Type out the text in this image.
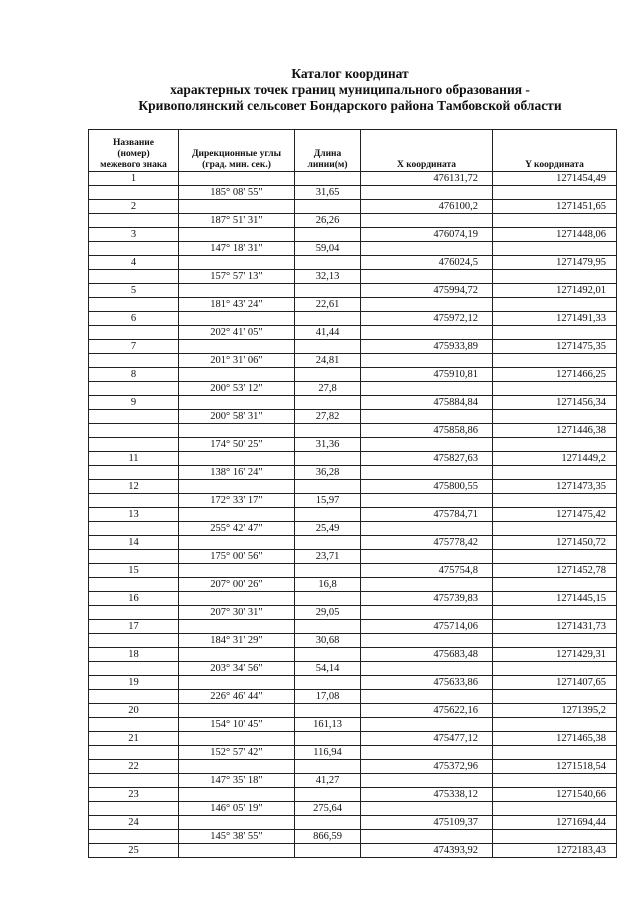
Каталог координат
характерных точек границ муниципального образования -
Кривополянский сельсовет Бондарского района Тамбовской области
Название
(номер)
межевого знака	Дирекционные углы
(град. мин. сек.)	Длина
линии(м)	X координата	Y координата
1			476131,72	1271454,49
	185° 08' 55"	31,65		
2			476100,2	1271451,65
	187° 51' 31"	26,26		
3			476074,19	1271448,06
	147° 18' 31"	59,04		
4			476024,5	1271479,95
	157° 57' 13"	32,13		
5			475994,72	1271492,01
	181° 43' 24"	22,61		
6			475972,12	1271491,33
	202° 41' 05"	41,44		
7			475933,89	1271475,35
	201° 31' 06"	24,81		
8			475910,81	1271466,25
	200° 53' 12"	27,8		
9			475884,84	1271456,34
	200° 58' 31"	27,82		
			475858,86	1271446,38
	174° 50' 25"	31,36		
11			475827,63	1271449,2
	138° 16' 24"	36,28		
12			475800,55	1271473,35
	172° 33' 17"	15,97		
13			475784,71	1271475,42
	255° 42' 47"	25,49		
14			475778,42	1271450,72
	175° 00' 56"	23,71		
15			475754,8	1271452,78
	207° 00' 26"	16,8		
16			475739,83	1271445,15
	207° 30' 31"	29,05		
17			475714,06	1271431,73
	184° 31' 29"	30,68		
18			475683,48	1271429,31
	203° 34' 56"	54,14		
19			475633,86	1271407,65
	226° 46' 44"	17,08		
20			475622,16	1271395,2
	154° 10' 45"	161,13		
21			475477,12	1271465,38
	152° 57' 42"	116,94		
22			475372,96	1271518,54
	147° 35' 18"	41,27		
23			475338,12	1271540,66
	146° 05' 19"	275,64		
24			475109,37	1271694,44
	145° 38' 55"	866,59		
25			474393,92	1272183,43
